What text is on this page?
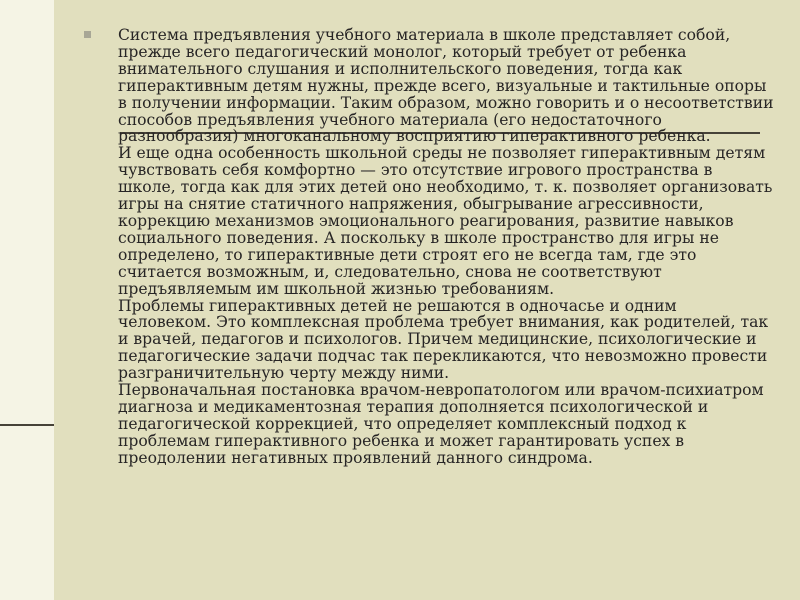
Система предъявления учебного материала в школе представляет собой, прежде всего педагогический монолог, который требует от ребенка внимательного слушания и исполнительского поведения, тогда как гиперактивным детям нужны, прежде всего, визуальные и тактильные опоры в получении информации. Таким образом, можно говорить и о несоответствии способов предъявления учебного материала (его недостаточного разнообразия) многоканальному восприятию гиперактивного ребенка.
И еще одна особенность школьной среды не позволяет гиперактивным детям чувствовать себя комфортно — это отсутствие игрового пространства в школе, тогда как для этих детей оно необходимо, т. к. позволяет организовать игры на снятие статичного напряжения, обыгрывание агрессивности, коррекцию механизмов эмоционального реагирования, развитие навыков социального поведения. А поскольку в школе пространство для игры не определено, то гиперактивные дети строят его не всегда там, где это считается возможным, и, следовательно, снова не соответствуют предъявляемым им школьной жизнью требованиям.
Проблемы гиперактивных детей не решаются в одночасье и одним человеком. Это комплексная проблема требует внимания, как родителей, так и врачей, педагогов и психологов. Причем медицинские, психологические и педагогические задачи подчас так перекликаются, что невозможно провести разграничительную черту между ними.
Первоначальная постановка врачом-невропатологом или врачом-психиатром диагноза и медикаментозная терапия дополняется психологической и педагогической коррекцией, что определяет комплексный подход к проблемам гиперактивного ребенка и может гарантировать успех в преодолении негативных проявлений данного синдрома.
